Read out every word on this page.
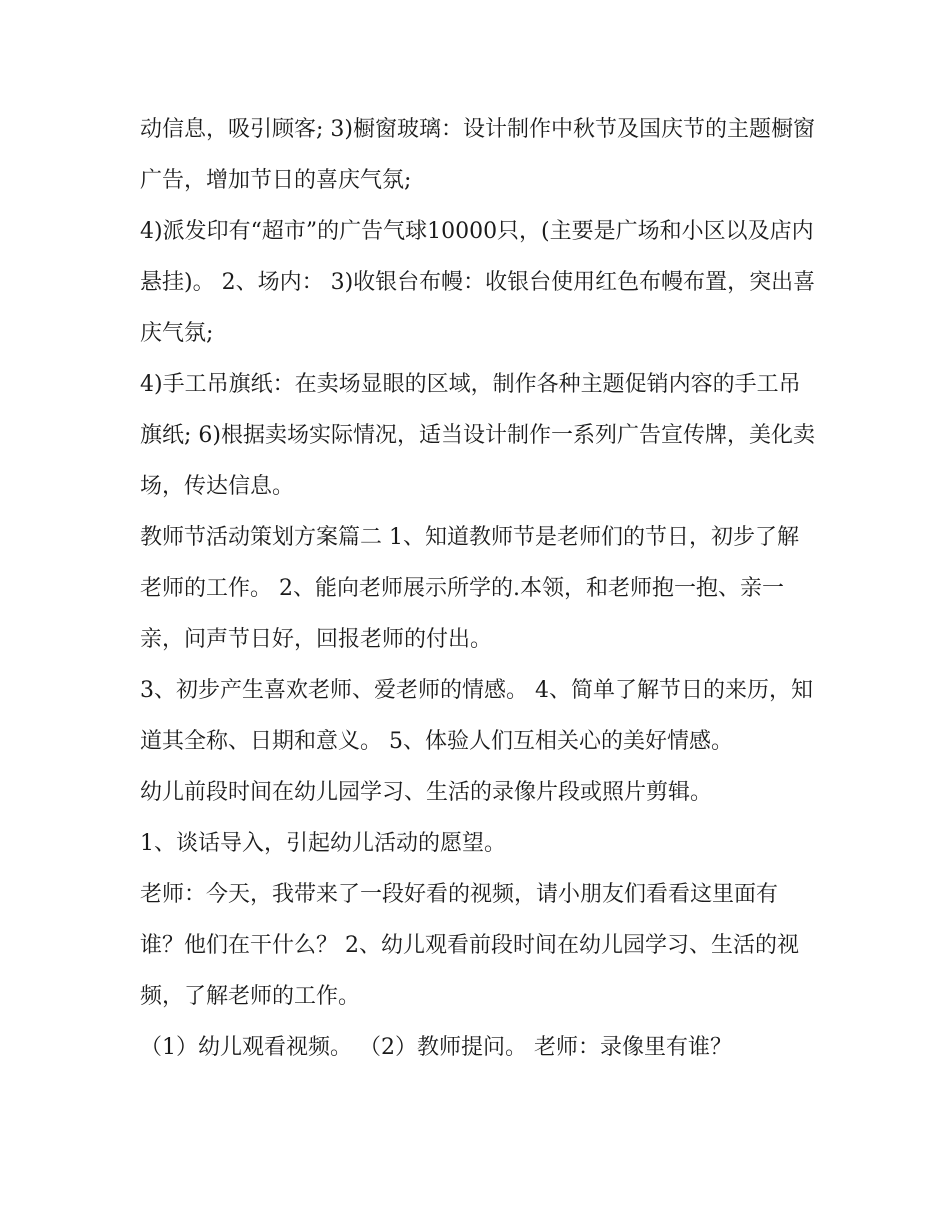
动信息，吸引顾客; 3)橱窗玻璃：设计制作中秋节及国庆节的主题橱窗广告，增加节日的喜庆气氛;

4)派发印有“超市”的广告气球10000只，(主要是广场和小区以及店内悬挂)。 2、场内： 3)收银台布幔：收银台使用红色布幔布置，突出喜庆气氛;

4)手工吊旗纸：在卖场显眼的区域，制作各种主题促销内容的手工吊旗纸; 6)根据卖场实际情况，适当设计制作一系列广告宣传牌，美化卖场，传达信息。

教师节活动策划方案篇二 1、知道教师节是老师们的节日，初步了解老师的工作。 2、能向老师展示所学的.本领，和老师抱一抱、亲一亲，问声节日好，回报老师的付出。

3、初步产生喜欢老师、爱老师的情感。 4、简单了解节日的来历，知道其全称、日期和意义。 5、体验人们互相关心的美好情感。

幼儿前段时间在幼儿园学习、生活的录像片段或照片剪辑。

1、谈话导入，引起幼儿活动的愿望。

老师：今天，我带来了一段好看的视频，请小朋友们看看这里面有谁？他们在干什么？ 2、幼儿观看前段时间在幼儿园学习、生活的视频，了解老师的工作。

（1）幼儿观看视频。 （2）教师提问。 老师：录像里有谁？
